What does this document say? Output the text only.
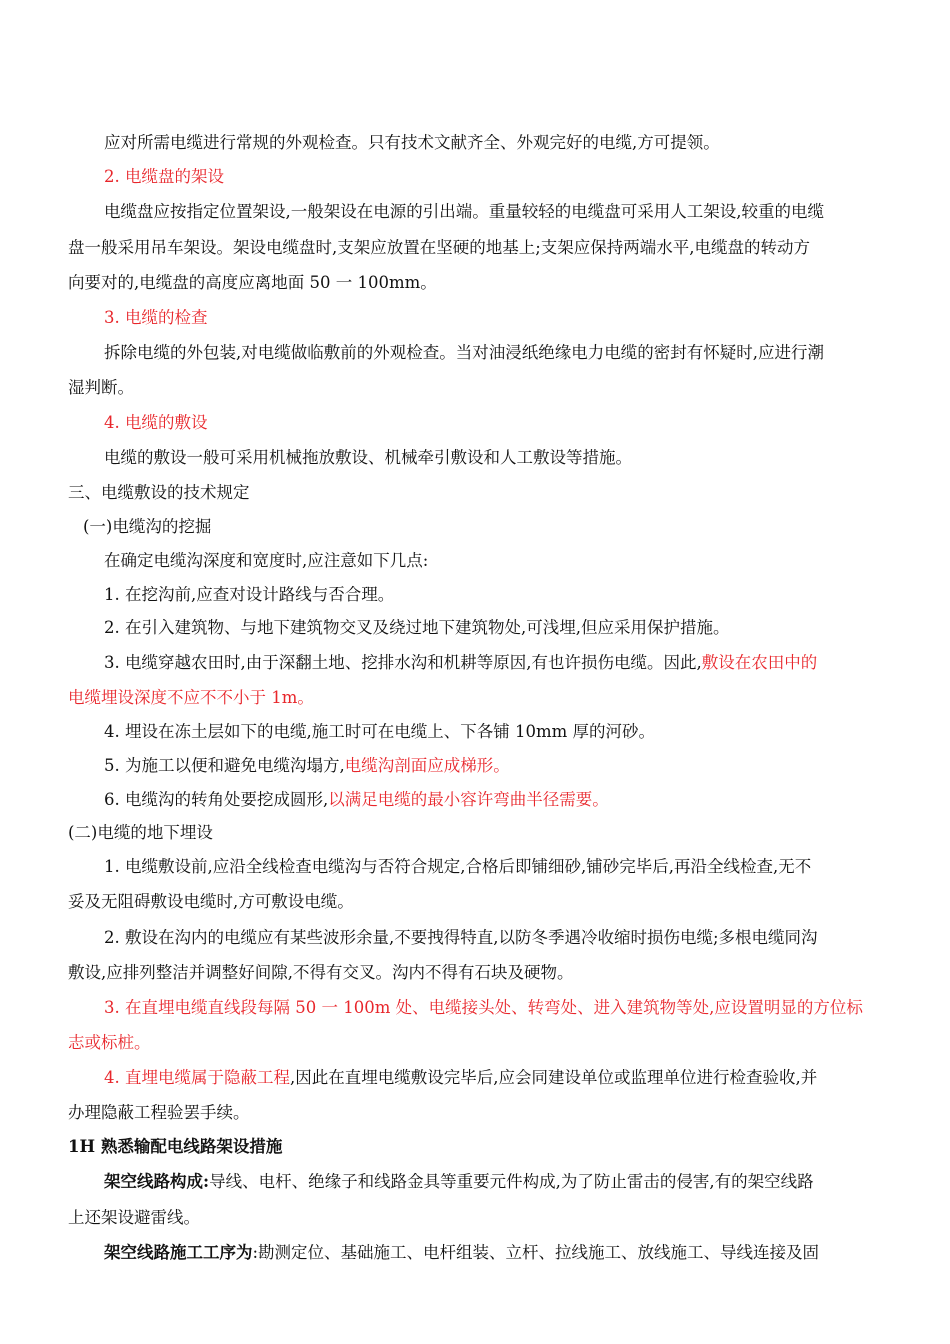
应对所需电缆进行常规的外观检查。只有技术文献齐全、外观完好的电缆,方可提领。
2. 电缆盘的架设
电缆盘应按指定位置架设,一般架设在电源的引出端。重量较轻的电缆盘可采用人工架设,较重的电缆
盘一般采用吊车架设。架设电缆盘时,支架应放置在坚硬的地基上;支架应保持两端水平,电缆盘的转动方
向要对的,电缆盘的高度应离地面 50 一 100mm。
3. 电缆的检查
拆除电缆的外包装,对电缆做临敷前的外观检查。当对油浸纸绝缘电力电缆的密封有怀疑时,应进行潮
湿判断。
4. 电缆的敷设
电缆的敷设一般可采用机械拖放敷设、机械牵引敷设和人工敷设等措施。
三、电缆敷设的技术规定
(一)电缆沟的挖掘
在确定电缆沟深度和宽度时,应注意如下几点:
1. 在挖沟前,应查对设计路线与否合理。
2. 在引入建筑物、与地下建筑物交叉及绕过地下建筑物处,可浅埋,但应采用保护措施。
3. 电缆穿越农田时,由于深翻土地、挖排水沟和机耕等原因,有也许损伤电缆。因此,敷设在农田中的
电缆埋设深度不应不不小于 1m。
4. 埋设在冻土层如下的电缆,施工时可在电缆上、下各铺 10mm 厚的河砂。
5. 为施工以便和避免电缆沟塌方,电缆沟剖面应成梯形。
6. 电缆沟的转角处要挖成圆形,以满足电缆的最小容许弯曲半径需要。
(二)电缆的地下埋设
1. 电缆敷设前,应沿全线检查电缆沟与否符合规定,合格后即铺细砂,铺砂完毕后,再沿全线检查,无不
妥及无阻碍敷设电缆时,方可敷设电缆。
2. 敷设在沟内的电缆应有某些波形余量,不要拽得特直,以防冬季遇冷收缩时损伤电缆;多根电缆同沟
敷设,应排列整洁并调整好间隙,不得有交叉。沟内不得有石块及硬物。
3. 在直埋电缆直线段每隔 50 一 100m 处、电缆接头处、转弯处、进入建筑物等处,应设置明显的方位标
志或标桩。
4. 直埋电缆属于隐蔽工程,因此在直埋电缆敷设完毕后,应会同建设单位或监理单位进行检查验收,并
办理隐蔽工程验罢手续。
1H 熟悉输配电线路架设措施
架空线路构成:导线、电杆、绝缘子和线路金具等重要元件构成,为了防止雷击的侵害,有的架空线路
上还架设避雷线。
架空线路施工工序为:勘测定位、基础施工、电杆组装、立杆、拉线施工、放线施工、导线连接及固
